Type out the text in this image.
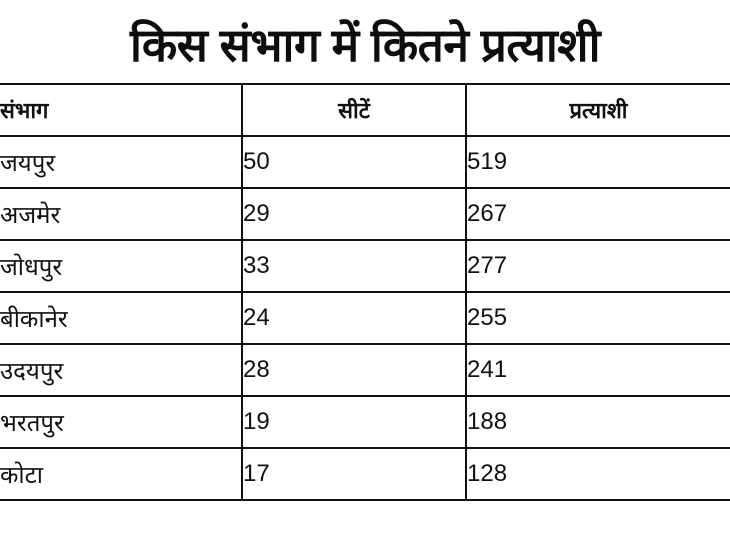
किस संभाग में कितने प्रत्याशी
संभाग	सीटें	प्रत्याशी
जयपुर	50	519
अजमेर	29	267
जोधपुर	33	277
बीकानेर	24	255
उदयपुर	28	241
भरतपुर	19	188
कोटा	17	128
